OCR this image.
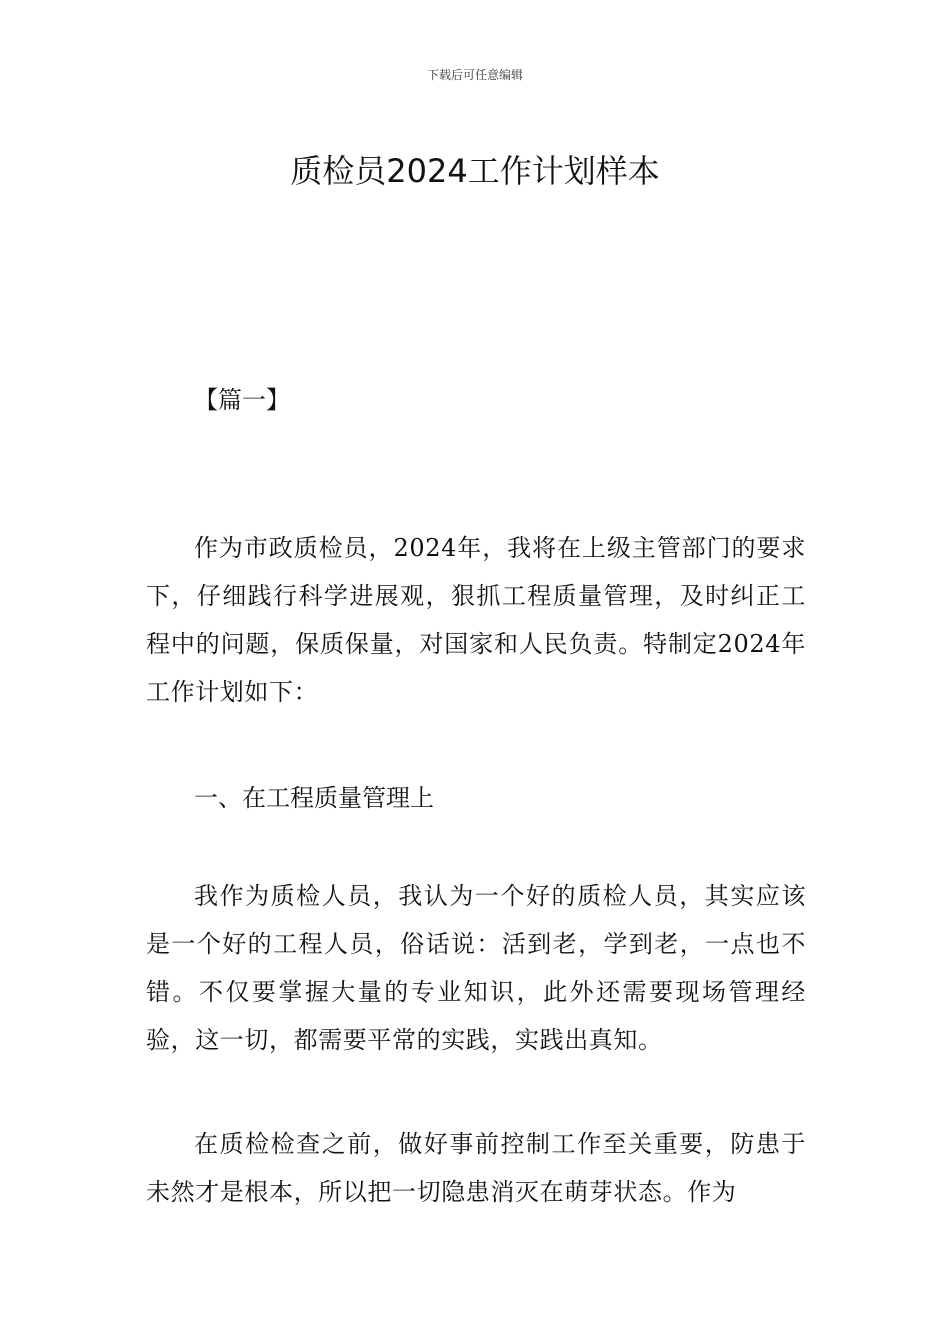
下载后可任意编辑
质检员2024工作计划样本
【篇一】

作为市政质检员，2024年，我将在上级主管部门的要求下，仔细践行科学进展观，狠抓工程质量管理，及时纠正工程中的问题，保质保量，对国家和人民负责。特制定2024年工作计划如下：

一、在工程质量管理上

我作为质检人员，我认为一个好的质检人员，其实应该是一个好的工程人员，俗话说：活到老，学到老，一点也不错。不仅要掌握大量的专业知识，此外还需要现场管理经验，这一切，都需要平常的实践，实践出真知。

在质检检查之前，做好事前控制工作至关重要，防患于未然才是根本，所以把一切隐患消灭在萌芽状态。作为
